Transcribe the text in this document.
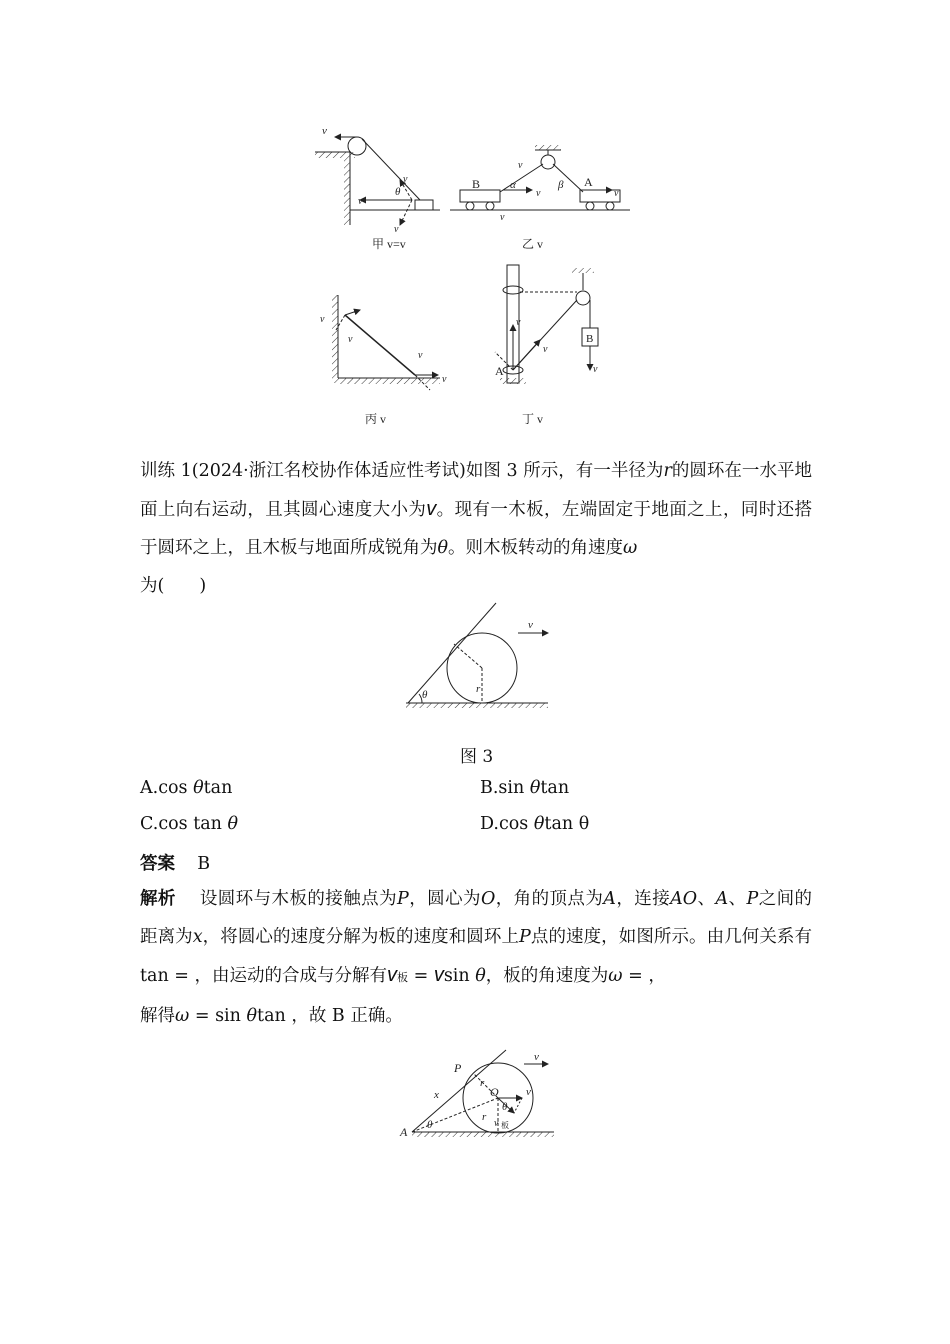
v
v
θ
v
v
甲 v=v
B	A
α	β
v	v
v
v
乙 v
v
v
v
v
丙 v
A
B
v
v
v
丁 v
训练 1(2024·浙江名校协作体适应性考试)如图 3 所示，有一半径为r的圆环在一水平地面上向右运动，且其圆心速度大小为v。现有一木板，左端固定于地面之上，同时还搭于圆环之上，且木板与地面所成锐角为θ。则木板转动的角速度ω
为(　　)
v
r
θ
图 3
A.cos θtan	B.sin θtan
C.cos tan θ	D.cos θtan θ
答案 B
解析 设圆环与木板的接触点为P，圆心为O，角的顶点为A，连接AO、A、P之间的距离为x，将圆心的速度分解为板的速度和圆环上P点的速度，如图所示。由几何关系有 tan = ，由运动的合成与分解有v板 = vsin θ，板的角速度为ω = ，
解得ω = sin θtan ，故 B 正确。
v
P
O
A
x
r
r
v
θ
θ	v 板
